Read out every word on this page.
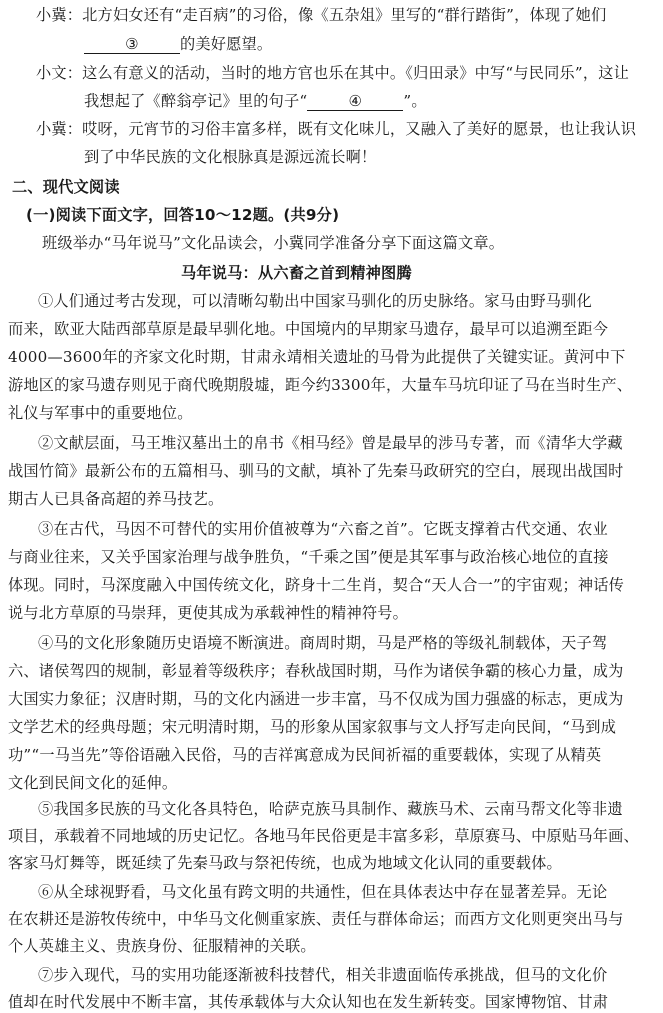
小冀：北方妇女还有“走百病”的习俗，像《五杂俎》里写的“群行踏街”，体现了她们
③	的美好愿望。
小文：这么有意义的活动，当时的地方官也乐在其中。《归田录》中写“与民同乐”，这让
我想起了《醉翁亭记》里的句子“	④	”。
小冀：哎呀，元宵节的习俗丰富多样，既有文化味儿，又融入了美好的愿景，也让我认识
到了中华民族的文化根脉真是源远流长啊！
二、现代文阅读
(一)阅读下面文字，回答10～12题。(共9分)
班级举办“马年说马”文化品读会，小冀同学准备分享下面这篇文章。
马年说马：从六畜之首到精神图腾
①人们通过考古发现，可以清晰勾勒出中国家马驯化的历史脉络。家马由野马驯化
而来，欧亚大陆西部草原是最早驯化地。中国境内的早期家马遗存，最早可以追溯至距今
4000—3600年的齐家文化时期，甘肃永靖相关遗址的马骨为此提供了关键实证。黄河中下
游地区的家马遗存则见于商代晚期殷墟，距今约3300年，大量车马坑印证了马在当时生产、
礼仪与军事中的重要地位。
②文献层面，马王堆汉墓出土的帛书《相马经》曾是最早的涉马专著，而《清华大学藏
战国竹简》最新公布的五篇相马、驯马的文献，填补了先秦马政研究的空白，展现出战国时
期古人已具备高超的养马技艺。
③在古代，马因不可替代的实用价值被尊为“六畜之首”。它既支撑着古代交通、农业
与商业往来，又关乎国家治理与战争胜负，“千乘之国”便是其军事与政治核心地位的直接
体现。同时，马深度融入中国传统文化，跻身十二生肖，契合“天人合一”的宇宙观；神话传
说与北方草原的马崇拜，更使其成为承载神性的精神符号。
④马的文化形象随历史语境不断演进。商周时期，马是严格的等级礼制载体，天子驾
六、诸侯驾四的规制，彰显着等级秩序；春秋战国时期，马作为诸侯争霸的核心力量，成为
大国实力象征；汉唐时期，马的文化内涵进一步丰富，马不仅成为国力强盛的标志，更成为
文学艺术的经典母题；宋元明清时期，马的形象从国家叙事与文人抒写走向民间，“马到成
功”“一马当先”等俗语融入民俗，马的吉祥寓意成为民间祈福的重要载体，实现了从精英
文化到民间文化的延伸。
⑤我国多民族的马文化各具特色，哈萨克族马具制作、藏族马术、云南马帮文化等非遗
项目，承载着不同地域的历史记忆。各地马年民俗更是丰富多彩，草原赛马、中原贴马年画、
客家马灯舞等，既延续了先秦马政与祭祀传统，也成为地域文化认同的重要载体。
⑥从全球视野看，马文化虽有跨文明的共通性，但在具体表达中存在显著差异。无论
在农耕还是游牧传统中，中华马文化侧重家族、责任与群体命运；而西方文化则更突出马与
个人英雄主义、贵族身份、征服精神的关联。
⑦步入现代，马的实用功能逐渐被科技替代，相关非遗面临传承挑战，但马的文化价
值却在时代发展中不断丰富，其传承载体与大众认知也在发生新转变。国家博物馆、甘肃
